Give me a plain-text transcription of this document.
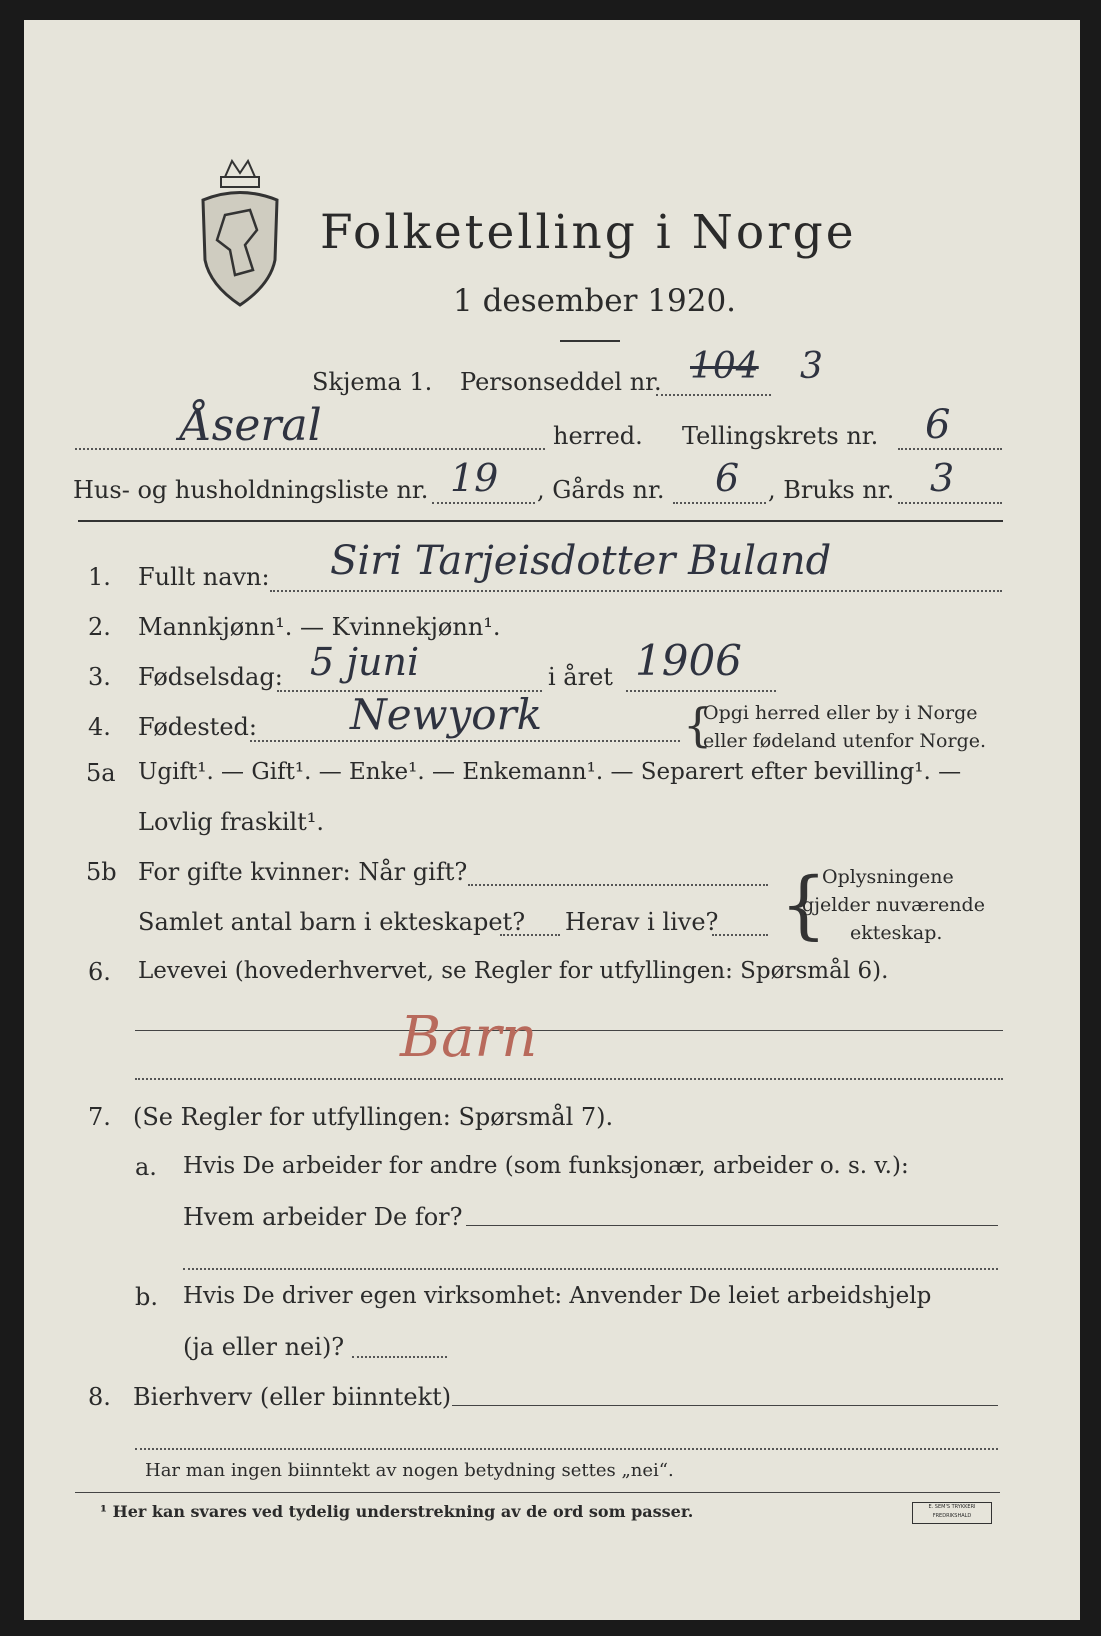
Folketelling i Norge
1 desember 1920.
Skjema 1. Personseddel nr. 104 3
Åseral	herred. Tellingskrets nr. 6
Hus- og husholdningsliste nr. 19 , Gårds nr. 6 , Bruks nr. 3
1. Fullt navn: Siri Tarjeisdotter Buland
2. Mannkjønn¹. — Kvinnekjønn¹.
3. Fødselsdag: 5 juni	i året 1906
4. Fødested: Newyork	{
Opgi herred eller by i Norge
eller fødeland utenfor Norge.
5a Ugift¹. — Gift¹. — Enke¹. — Enkemann¹. — Separert efter bevilling¹. —
Lovlig fraskilt¹.
5b For gifte kvinner: Når gift?
Samlet antal barn i ekteskapet? Herav i live? {
Oplysningene
gjelder nuværende
ekteskap.
6. Levevei (hovederhvervet, se Regler for utfyllingen: Spørsmål 6).
Barn
7. (Se Regler for utfyllingen: Spørsmål 7).
a. Hvis De arbeider for andre (som funksjonær, arbeider o. s. v.):
Hvem arbeider De for?
b. Hvis De driver egen virksomhet: Anvender De leiet arbeidshjelp
(ja eller nei)?
8. Bierhverv (eller biinntekt)
Har man ingen biinntekt av nogen betydning settes „nei“.
¹ Her kan svares ved tydelig understrekning av de ord som passer.	E. SEM'S TRYKKERI FREDRIKSHALD
